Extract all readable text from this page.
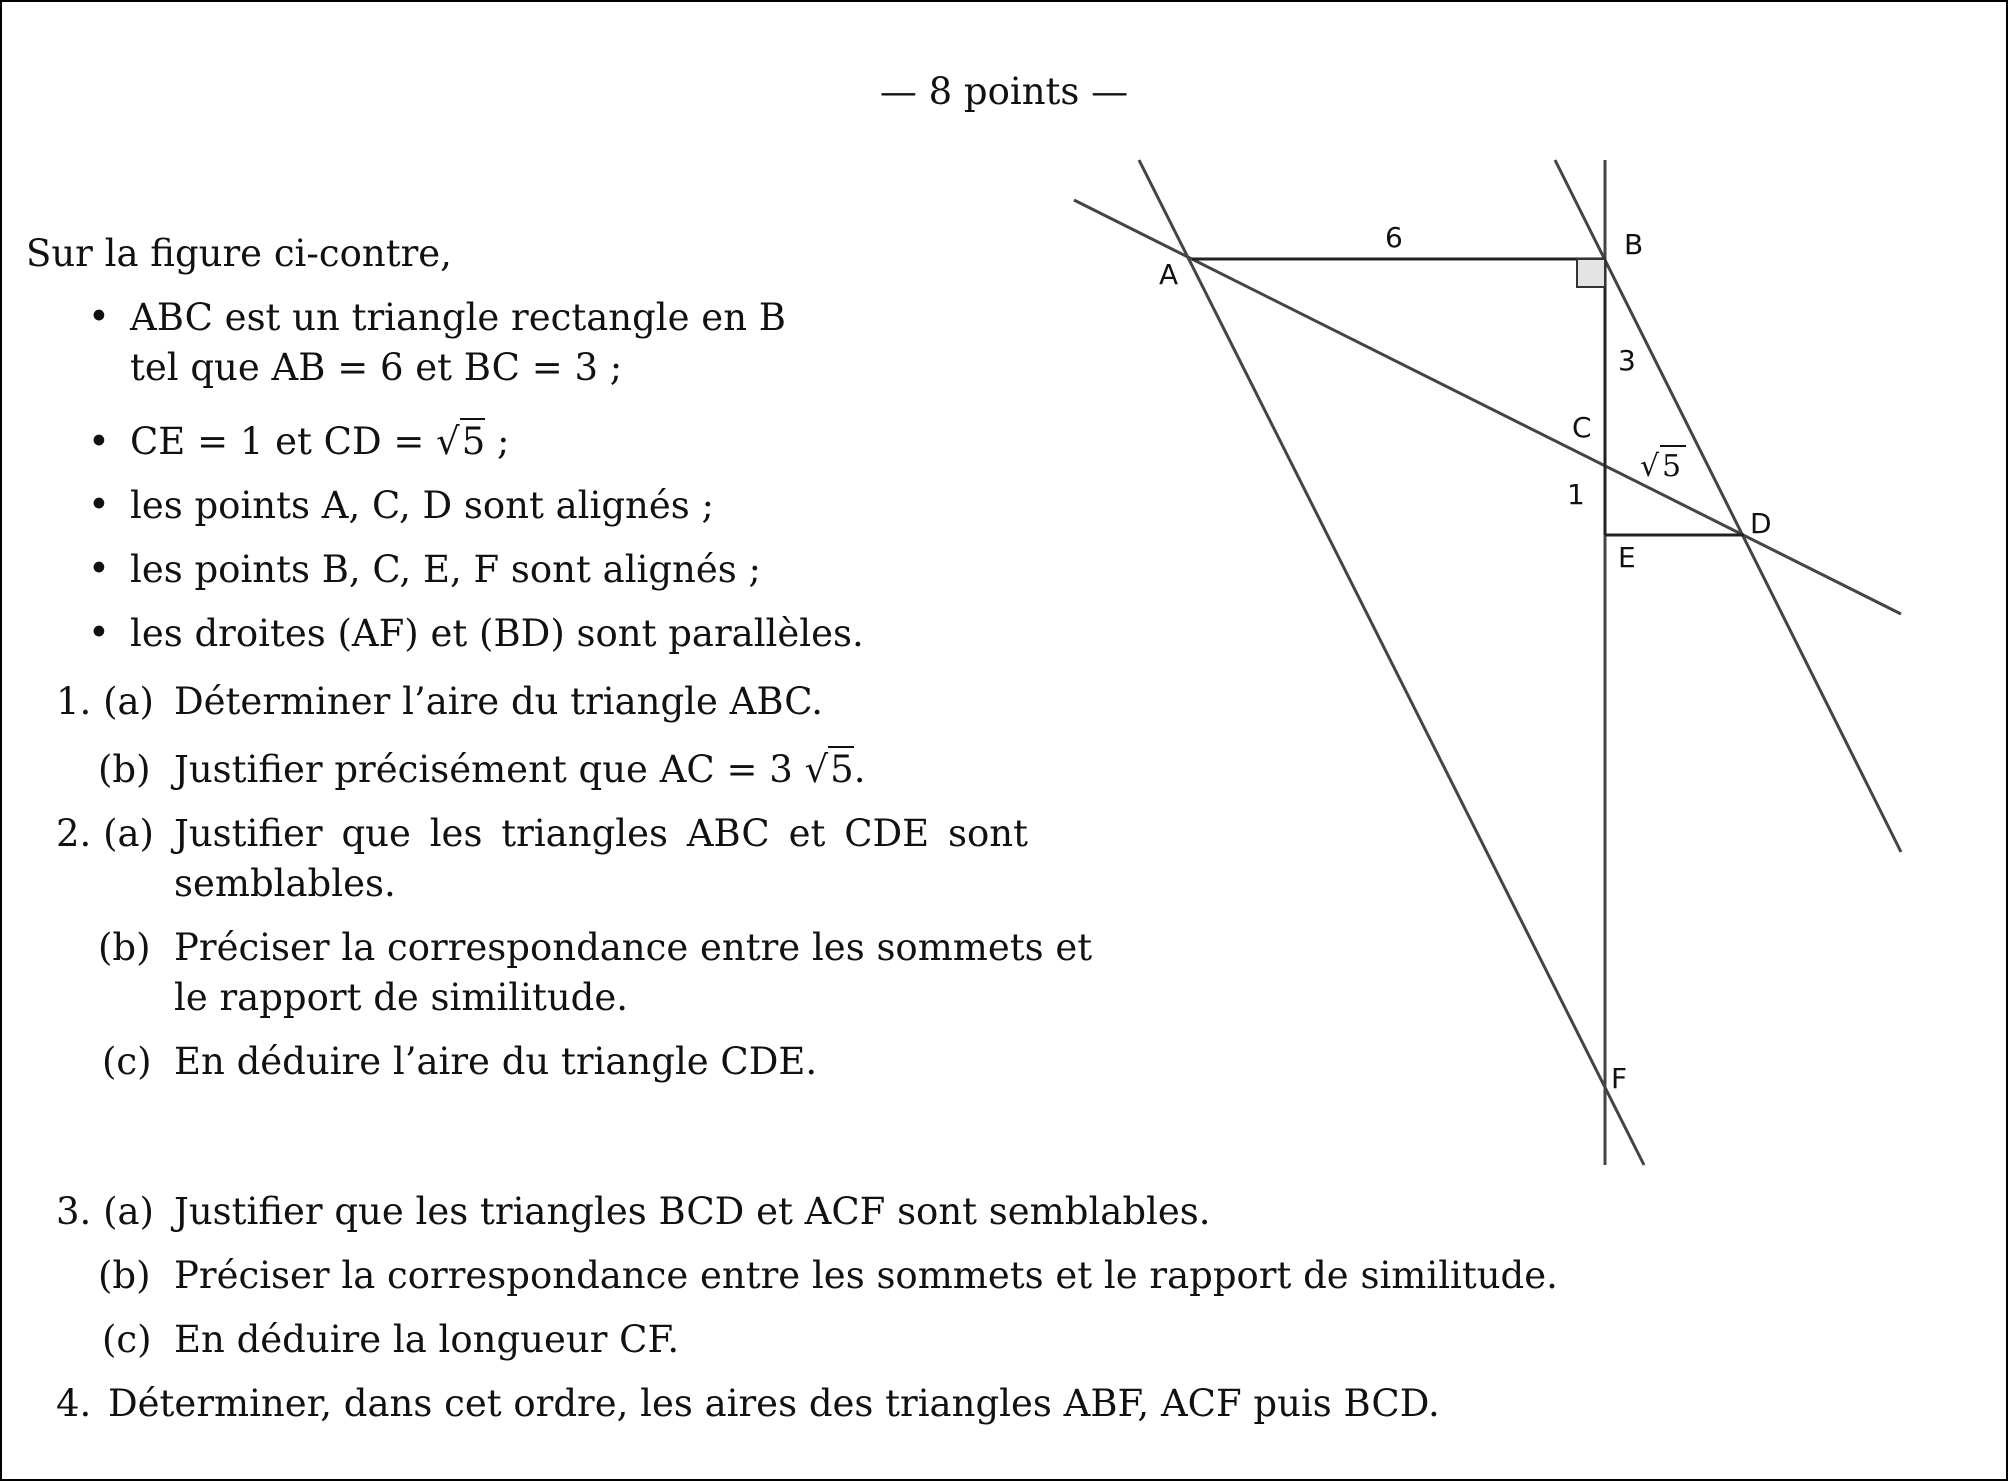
— 8 points —
Sur la figure ci-contre,
• ABC est un triangle rectangle en B
tel que AB = 6 et BC = 3 ;
• CE = 1 et CD = √5 ;
• les points A, C, D sont alignés ;
• les points B, C, E, F sont alignés ;
• les droites (AF) et (BD) sont parallèles.
1. (a) Déterminer l’aire du triangle ABC.
(b) Justifier précisément que AC = 3 √5.
2. (a) Justifier que les triangles ABC et CDE sont
semblables.
(b) Préciser la correspondance entre les sommets et
le rapport de similitude.
(c) En déduire l’aire du triangle CDE.
3. (a) Justifier que les triangles BCD et ACF sont semblables.
(b) Préciser la correspondance entre les sommets et le rapport de similitude.
(c) En déduire la longueur CF.
4. Déterminer, dans cet ordre, les aires des triangles ABF, ACF puis BCD.
A
B
C
D
E
F
6
3
1
√ 5
